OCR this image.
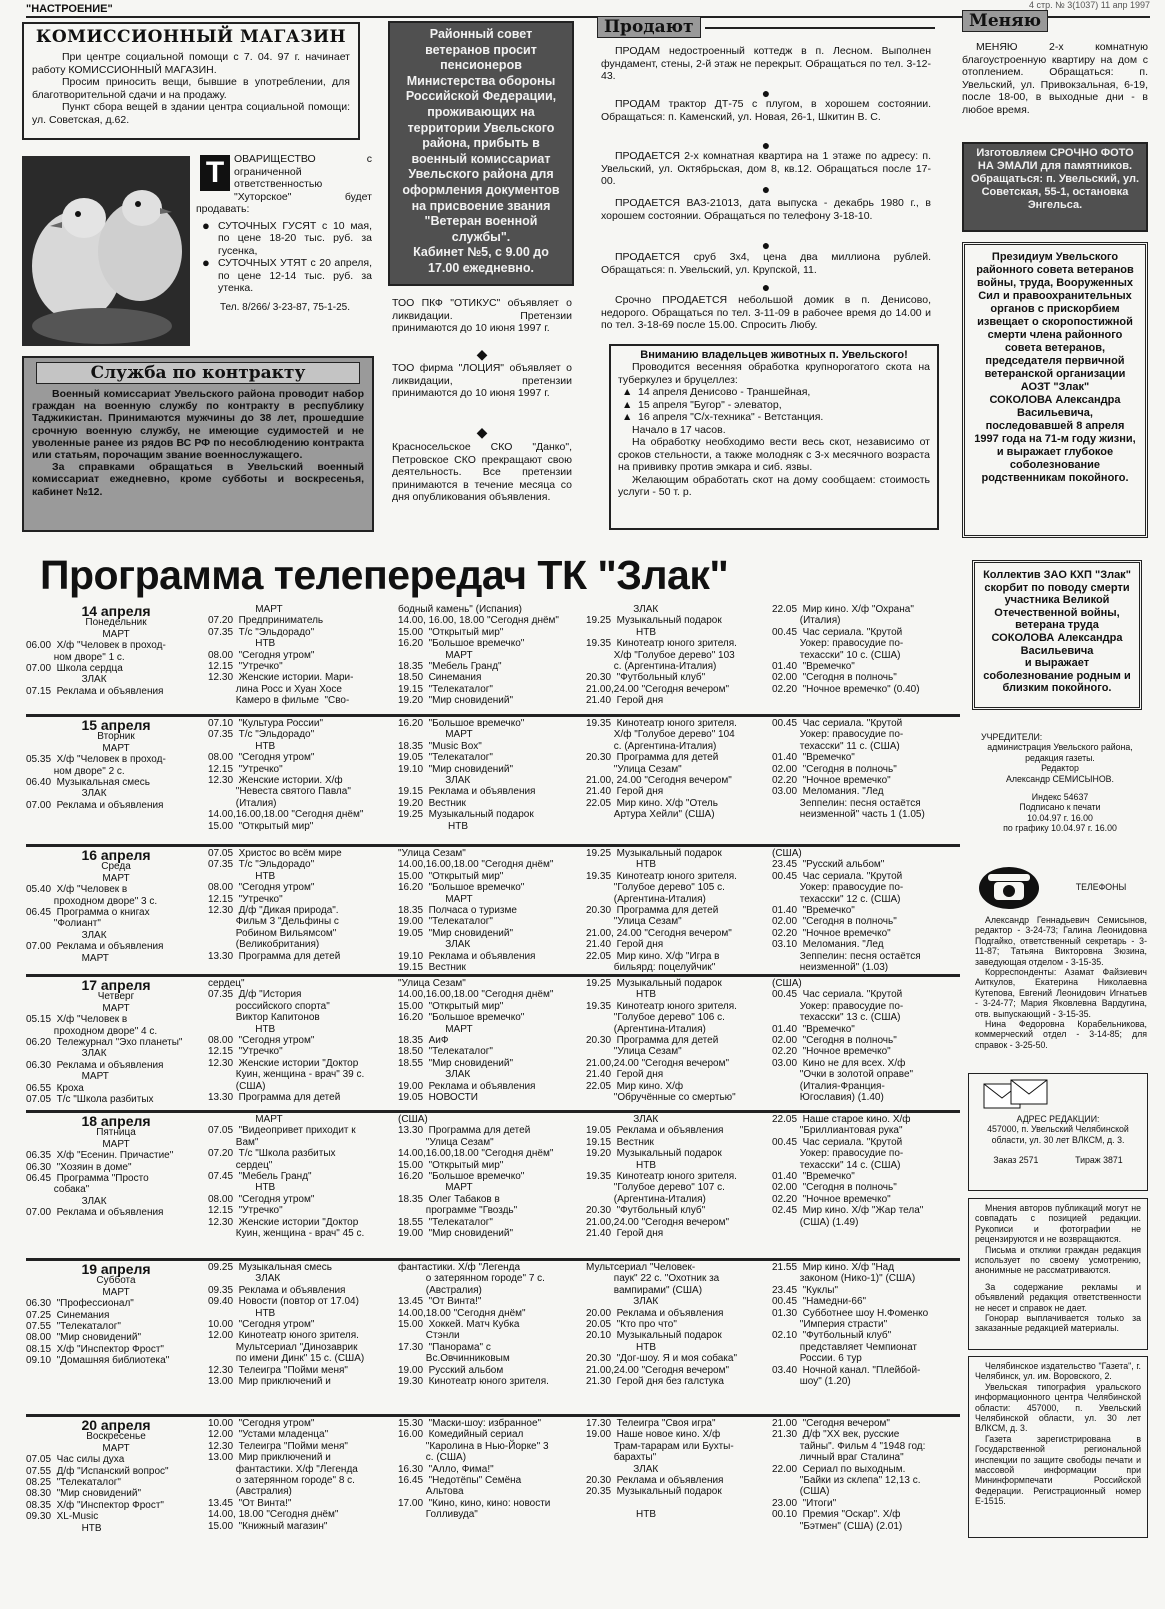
"НАСТРОЕНИЕ"	4 стр. № 3(1037) 11 апр 1997
КОМИССИОННЫЙ МАГАЗИН
При центре социальной помощи с 7. 04. 97 г. начинает работу КОМИССИОННЫЙ МАГАЗИН.
Просим приносить вещи, бывшие в употреблении, для благотворительной сдачи и на продажу.
Пункт сбора вещей в здании центра социальной помощи: ул. Советская, д.62.
Т ОВАРИЩЕСТВО с ограниченной ответственностью "Хуторское" будет продавать:
● СУТОЧНЫХ ГУСЯТ с 10 мая, по цене 18-20 тыс. руб. за гусенка,
● СУТОЧНЫХ УТЯТ с 20 апреля, по цене 12-14 тыс. руб. за утенка.
Тел. 8/266/ 3-23-87, 75-1-25.
Районный совет ветеранов просит пенсионеров Министерства обороны Российской Федерации, проживающих на территории Увельского района, прибыть в военный комиссариат Увельского района для оформления документов на присвоение звания "Ветеран военной службы".
Кабинет №5, с 9.00 до 17.00 ежедневно.
ТОО ПКФ "ОТИКУС" объявляет о ликвидации. Претензии принимаются до 10 июня 1997 г.
◆
ТОО фирма "ЛОЦИЯ" объявляет о ликвидации, претензии принимаются до 10 июня 1997 г.
◆
Красносельское СКО "Данко", Петровское СКО прекращают свою деятельность. Все претензии принимаются в течение месяца со дня опубликования объявления.
Служба по контракту
Военный комиссариат Увельского района проводит набор граждан на военную службу по контракту в республику Таджикистан. Принимаются мужчины до 38 лет, прошедшие срочную военную службу, не имеющие судимостей и не уволенные ранее из рядов ВС РФ по несоблюдению контракта или статьям, порочащим звание военнослужащего.
За справками обращаться в Увельский военный комиссариат ежедневно, кроме субботы и воскресенья, кабинет №12.
Продают
ПРОДАМ недостроенный коттедж в п. Лесном. Выполнен фундамент, стены, 2-й этаж не перекрыт. Обращаться по тел. 3-12-43.
●
ПРОДАМ трактор ДТ-75 с плугом, в хорошем состоянии. Обращаться: п. Каменский, ул. Новая, 26-1, Шкитин В. С.
●
ПРОДАЕТСЯ 2-х комнатная квартира на 1 этаже по адресу: п. Увельский, ул. Октябрьская, дом 8, кв.12. Обращаться после 17-00.	●
ПРОДАЕТСЯ ВАЗ-21013, дата выпуска - декабрь 1980 г., в хорошем состоянии. Обращаться по телефону 3-18-10.
●
ПРОДАЕТСЯ сруб 3х4, цена два миллиона рублей. Обращаться: п. Увельский, ул. Крупской, 11.
●
Срочно ПРОДАЕТСЯ небольшой домик в п. Денисово, недорого. Обращаться по тел. 3-11-09 в рабочее время до 14.00 и по тел. 3-18-69 после 15.00. Спросить Любу.
Вниманию владельцев животных п. Увельского!
Проводится весенняя обработка крупнорогатого скота на туберкулез и бруцеллез:
▲ 14 апреля Денисово - Траншейная,
▲ 15 апреля "Бугор" - элеватор,
▲ 16 апреля "С/х-техника" - Ветстанция.
Начало в 17 часов.
На обработку необходимо вести весь скот, независимо от сроков стельности, а также молодняк с 3-х месячного возраста на прививку против эмкара и сиб. язвы.
Желающим обработать скот на дому сообщаем: стоимость услуги - 50 т. р.
Меняю
МЕНЯЮ 2-х комнатную благоустроенную квартиру на дом с отоплением. Обращаться: п. Увельский, ул. Привокзальная, 6-19, после 18-00, в выходные дни - в любое время.
Изготовляем СРОЧНО ФОТО НА ЭМАЛИ для памятников.
Обращаться: п. Увельский, ул. Советская, 55-1, остановка Энгельса.
Президиум Увельского районного совета ветеранов войны, труда, Вооруженных Сил и правоохранительных органов с прискорбием извещает о скоропостижной смерти члена районного совета ветеранов, председателя первичной ветеранской организации АОЗТ "Злак"
СОКОЛОВА Александра Васильевича,
последовавшей 8 апреля 1997 года на 71-м году жизни, и выражает глубокое соболезнование родственникам покойного.
Коллектив ЗАО КХП "Злак" скорбит по поводу смерти участника Великой Отечественной войны, ветерана труда
СОКОЛОВА Александра Васильевича
и выражает соболезнование родным и близким покойного.
УЧРЕДИТЕЛИ:
администрация Увельского района, редакция газеты.
Редактор
Александр СЕМИСЫНОВ.
Индекс 54637
Подписано к печати
10.04.97 г. 16.00
по графику 10.04.97 г. 16.00
ТЕЛЕФОНЫ
Александр Геннадьевич Семисынов, редактор - 3-24-73; Галина Леонидовна Подгайко, ответственный секретарь - 3-11-87; Татьяна Викторовна Зюзина, заведующая отделом - 3-15-35.
Корреспонденты: Азамат Файзиевич Аиткулов, Екатерина Николаевна Кутепова, Евгений Леонидович Игнатьев - 3-24-77; Мария Яковлевна Вардугина, отв. выпускающий - 3-15-35.
Нина Федоровна Корабельникова, коммерческий отдел - 3-14-85; для справок - 3-25-50.
АДРЕС РЕДАКЦИИ:
457000, п. Увельский Челябинской области, ул. 30 лет ВЛКСМ, д. 3.
Заказ 2571	Тираж 3871
Мнения авторов публикаций могут не совпадать с позицией редакции. Рукописи и фотографии не рецензируются и не возвращаются.
Письма и отклики граждан редакция использует по своему усмотрению, анонимные не рассматриваются.
За содержание рекламы и объявлений редакция ответственности не несет и справок не дает.
Гонорар выплачивается только за заказанные редакцией материалы.
Челябинское издательство "Газета", г. Челябинск, ул. им. Воровского, 2.
Увельская типография уральского информационного центра Челябинской области: 457000, п. Увельский Челябинской области, ул. 30 лет ВЛКСМ, д. 3.
Газета зарегистрирована в Государственной региональной инспекции по защите свободы печати и массовой информации при Мининформпечати Российской Федерации. Регистрационный номер Е-1515.
Программа телепередач ТК "Злак"
14 апреля
Понедельник
МАРТ
06.00  Х/ф "Человек в проход-
ном дворе" 1 с.
07.00  Школа сердца
ЗЛАК
07.15  Реклама и объявления
МАРТ
07.20  Предприниматель
07.35  Т/с "Эльдорадо"
НТВ
08.00  "Сегодня утром"
12.15  "Утречко"
12.30  Женские истории. Мари-
лина Росс и Хуан Хосе
Камеро в фильме  "Сво-
бодный камень" (Испания)
14.00, 16.00, 18.00 "Сегодня днём"
15.00  "Открытый мир"
16.20  "Большое времечко"
МАРТ
18.35  "Мебель Гранд"
18.50  Синемания
19.15  "Телекаталог"
19.20  "Мир сновидений"
ЗЛАК
19.25  Музыкальный подарок
НТВ
19.35  Кинотеатр юного зрителя.
Х/ф "Голубое дерево" 103
с. (Аргентина-Италия)
20.30  "Футбольный клуб"
21.00,24.00 "Сегодня вечером"
21.40  Герой дня
22.05  Мир кино. Х/ф "Охрана"
(Италия)
00.45  Час сериала. "Крутой
Уокер: правосудие по-
техасски" 10 с. (США)
01.40  "Времечко"
02.00  "Сегодня в полночь"
02.20  "Ночное времечко" (0.40)
15 апреля
Вторник
МАРТ
05.35  Х/ф "Человек в проход-
ном дворе" 2 с.
06.40  Музыкальная смесь
ЗЛАК
07.00  Реклама и объявления
07.10  "Культура России"
07.35  Т/с "Эльдорадо"
НТВ
08.00  "Сегодня утром"
12.15  "Утречко"
12.30  Женские истории. Х/ф
"Невеста святого Павла"
(Италия)
14.00,16.00,18.00 "Сегодня днём"
15.00  "Открытый мир"
16.20  "Большое времечко"
МАРТ
18.35  "Music Box"
19.05  "Телекаталог"
19.10  "Мир сновидений"
ЗЛАК
19.15  Реклама и объявления
19.20  Вестник
19.25  Музыкальный подарок
НТВ
19.35  Кинотеатр юного зрителя.
Х/ф "Голубое дерево" 104
с. (Аргентина-Италия)
20.30  Программа для детей
"Улица Сезам"
21.00, 24.00 "Сегодня вечером"
21.40  Герой дня
22.05  Мир кино. Х/ф "Отель
Артура Хейли" (США)
00.45  Час сериала. "Крутой
Уокер: правосудие по-
техасски" 11 с. (США)
01.40  "Времечко"
02.00  "Сегодня в полночь"
02.20  "Ночное времечко"
03.00  Меломания. "Лед
Зеппелин: песня остаётся
неизменной" часть 1 (1.05)
16 апреля
Среда
МАРТ
05.40  Х/ф "Человек в
проходном дворе" 3 с.
06.45  Программа о книгах
"Фолиант"
ЗЛАК
07.00  Реклама и объявления
МАРТ
07.05  Христос во всём мире
07.35  Т/с "Эльдорадо"
НТВ
08.00  "Сегодня утром"
12.15  "Утречко"
12.30  Д/ф "Дикая природа".
Фильм 3 "Дельфины с
Робином Вильямсом"
(Великобритания)
13.30  Программа для детей
"Улица Сезам"
14.00,16.00,18.00 "Сегодня днём"
15.00  "Открытый мир"
16.20  "Большое времечко"
МАРТ
18.35  Полчаса о туризме
19.00  "Телекаталог"
19.05  "Мир сновидений"
ЗЛАК
19.10  Реклама и объявления
19.15  Вестник
19.25  Музыкальный подарок
НТВ
19.35  Кинотеатр юного зрителя.
"Голубое дерево" 105 с.
(Аргентина-Италия)
20.30  Программа для детей
"Улица Сезам"
21.00, 24.00 "Сегодня вечером"
21.40  Герой дня
22.05  Мир кино. Х/ф "Игра в
бильярд: поцелуйчик"
(США)
23.45  "Русский альбом"
00.45  Час сериала. "Крутой
Уокер: правосудие по-
техасски" 12 с. (США)
01.40  "Времечко"
02.00  "Сегодня в полночь"
02.20  "Ночное времечко"
03.10  Меломания. "Лед
Зеппелин: песня остаётся
неизменной" (1.03)
17 апреля
Четверг
МАРТ
05.15  Х/ф "Человек в
проходном дворе" 4 с.
06.20  Тележурнал "Эхо планеты"
ЗЛАК
06.30  Реклама и объявления
МАРТ
06.55  Кроха
07.05  Т/с "Школа разбитых
сердец"
07.35  Д/ф "История
российского спорта"
Виктор Капитонов
НТВ
08.00  "Сегодня утром"
12.15  "Утречко"
12.30  Женские истории "Доктор
Куин, женщина - врач" 39 с.
(США)
13.30  Программа для детей
"Улица Сезам"
14.00,16.00,18.00 "Сегодня днём"
15.00  "Открытый мир"
16.20  "Большое времечко"
МАРТ
18.35  АиФ
18.50  "Телекаталог"
18.55  "Мир сновидений"
ЗЛАК
19.00  Реклама и объявления
19.05  НОВОСТИ
19.25  Музыкальный подарок
НТВ
19.35  Кинотеатр юного зрителя.
"Голубое дерево" 106 с.
(Аргентина-Италия)
20.30  Программа для детей
"Улица Сезам"
21.00,24.00 "Сегодня вечером"
21.40  Герой дня
22.05  Мир кино. Х/ф
"Обручённые со смертью"
(США)
00.45  Час сериала. "Крутой
Уокер: правосудие по-
техасски" 13 с. (США)
01.40  "Времечко"
02.00  "Сегодня в полночь"
02.20  "Ночное времечко"
03.00  Кино не для всех. Х/ф
"Очки в золотой оправе"
(Италия-Франция-
Югославия) (1.40)
18 апреля
Пятница
МАРТ
06.35  Х/ф "Есенин. Причастие"
06.30  "Хозяин в доме"
06.45  Программа "Просто
собака"
ЗЛАК
07.00  Реклама и объявления
МАРТ
07.05  "Видеопривет приходит к
Вам"
07.20  Т/с "Школа разбитых
сердец"
07.45  "Мебель Гранд"
НТВ
08.00  "Сегодня утром"
12.15  "Утречко"
12.30  Женские истории "Доктор
Куин, женщина - врач" 45 с.
(США)
13.30  Программа для детей
"Улица Сезам"
14.00,16.00,18.00 "Сегодня днём"
15.00  "Открытый мир"
16.20  "Большое времечко"
МАРТ
18.35  Олег Табаков в
программе "Гвоздь"
18.55  "Телекаталог"
19.00  "Мир сновидений"
ЗЛАК
19.05  Реклама и объявления
19.15  Вестник
19.20  Музыкальный подарок
НТВ
19.35  Кинотеатр юного зрителя.
"Голубое дерево" 107 с.
(Аргентина-Италия)
20.30  "Футбольный клуб"
21.00,24.00 "Сегодня вечером"
21.40  Герой дня
22.05  Наше старое кино. Х/ф
"Бриллиантовая рука"
00.45  Час сериала. "Крутой
Уокер: правосудие по-
техасски" 14 с. (США)
01.40  "Времечко"
02.00  "Сегодня в полночь"
02.20  "Ночное времечко"
02.45  Мир кино. Х/ф "Жар тела"
(США) (1.49)
19 апреля
Суббота
МАРТ
06.30  "Профессионал"
07.25  Синемания
07.55  "Телекаталог"
08.00  "Мир сновидений"
08.15  Х/ф "Инспектор Фрост"
09.10  "Домашняя библиотека"
09.25  Музыкальная смесь
ЗЛАК
09.35  Реклама и объявления
09.40  Новости (повтор от 17.04)
НТВ
10.00  "Сегодня утром"
12.00  Кинотеатр юного зрителя.
Мультсериал "Динозаврик
по имени Динк" 15 с. (США)
12.30  Телеигра "Пойми меня"
13.00  Мир приключений и
фантастики. Х/ф "Легенда
о затерянном городе" 7 с.
(Австралия)
13.45  "От Винта!"
14.00,18.00 "Сегодня днём"
15.00  Хоккей. Матч Кубка
Стэнли
17.30  "Панорама" с
Вс.Овчинниковым
19.00  Русский альбом
19.30  Кинотеатр юного зрителя.
Мультсериал "Человек-
паук" 22 с. "Охотник за
вампирами" (США)
ЗЛАК
20.00  Реклама и объявления
20.05  "Кто про что"
20.10  Музыкальный подарок
НТВ
20.30  "Дог-шоу. Я и моя собака"
21.00,24.00 "Сегодня вечером"
21.30  Герой дня без галстука
21.55  Мир кино. Х/ф "Над
законом (Нико-1)" (США)
23.45  "Куклы"
00.45  "Намедни-66"
01.30  Субботнее шоу Н.Фоменко
"Империя страсти"
02.10  "Футбольный клуб"
представляет Чемпионат
России. 6 тур
03.40  Ночной канал. "Плейбой-
шоу" (1.20)
20 апреля
Воскресенье
МАРТ
07.05  Час силы духа
07.55  Д/ф "Испанский вопрос"
08.25  "Телекаталог"
08.30  "Мир сновидений"
08.35  Х/ф "Инспектор Фрост"
09.30  XL-Music
НТВ
10.00  "Сегодня утром"
12.00  "Устами младенца"
12.30  Телеигра "Пойми меня"
13.00  Мир приключений и
фантастики. Х/ф "Легенда
о затерянном городе" 8 с.
(Австралия)
13.45  "От Винта!"
14.00, 18.00 "Сегодня днём"
15.00  "Книжный магазин"
15.30  "Маски-шоу: избранное"
16.00  Комедийный сериал
"Каролина в Нью-Йорке" 3
с. (США)
16.30  "Алло, Фима!"
16.45  "Недотёпы" Семёна
Альтова
17.00  "Кино, кино, кино: новости
Голливуда"
17.30  Телеигра "Своя игра"
19.00  Наше новое кино. Х/ф
Трам-тарарам или Бухты-
барахты"
ЗЛАК
20.30  Реклама и объявления
20.35  Музыкальный подарок

НТВ
21.00  "Сегодня вечером"
21.30  Д/ф "XX век, русские
тайны". Фильм 4 "1948 год:
личный враг Сталина"
22.00  Сериал по выходным.
"Байки из склепа" 12,13 с.
(США)
23.00  "Итоги"
00.10  Премия "Оскар". Х/ф
"Бэтмен" (США) (2.01)
